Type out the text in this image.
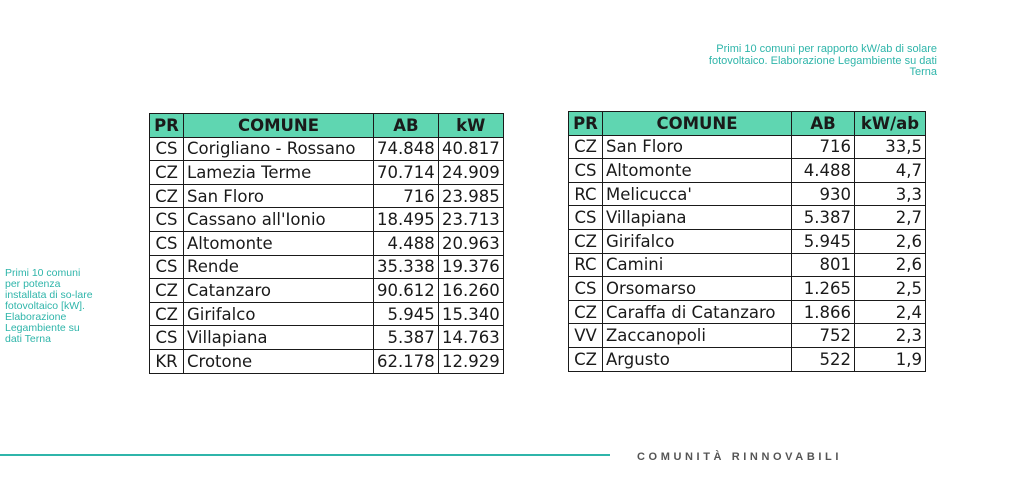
Primi 10 comuni per rapporto kW/ab di solare fotovoltaico. Elaborazione Legambiente su dati Terna
Primi 10 comuni per potenza installata di so-lare fotovoltaico [kW]. Elaborazione Legambiente su dati Terna
PR	COMUNE	AB	kW
CS	Corigliano - Rossano	74.848	40.817
CZ	Lamezia Terme	70.714	24.909
CZ	San Floro	716	23.985
CS	Cassano all'Ionio	18.495	23.713
CS	Altomonte	4.488	20.963
CS	Rende	35.338	19.376
CZ	Catanzaro	90.612	16.260
CZ	Girifalco	5.945	15.340
CS	Villapiana	5.387	14.763
KR	Crotone	62.178	12.929
PR	COMUNE	AB	kW/ab
CZ	San Floro	716	33,5
CS	Altomonte	4.488	4,7
RC	Melicucca'	930	3,3
CS	Villapiana	5.387	2,7
CZ	Girifalco	5.945	2,6
RC	Camini	801	2,6
CS	Orsomarso	1.265	2,5
CZ	Caraffa di Catanzaro	1.866	2,4
VV	Zaccanopoli	752	2,3
CZ	Argusto	522	1,9
COMUNITÀ RINNOVABILI
